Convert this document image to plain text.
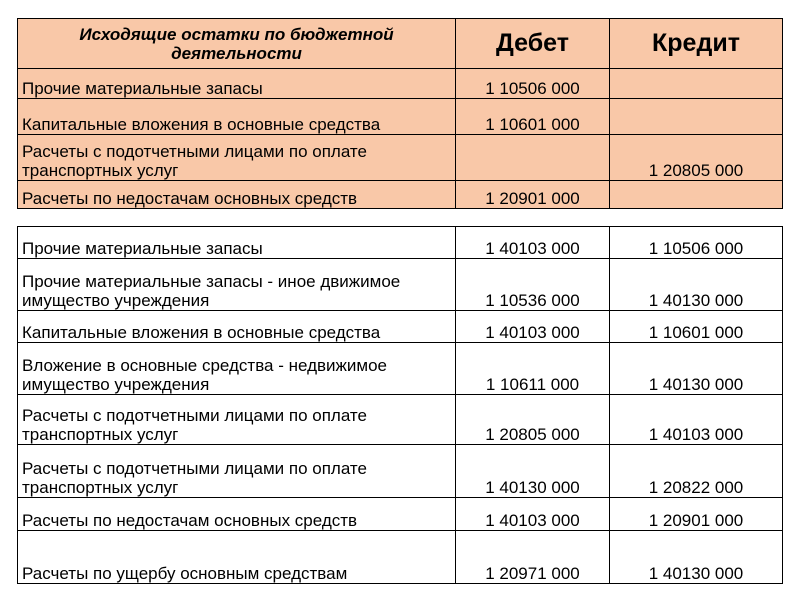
Исходящие остатки по бюджетной деятельности	Дебет	Кредит
Прочие материальные запасы	1 10506 000	
Капитальные вложения в основные средства	1 10601 000	
Расчеты с подотчетными лицами по оплате транспортных услуг		1 20805 000
Расчеты по недостачам основных средств	1 20901 000	
Прочие материальные запасы	1 40103 000	1 10506 000
Прочие материальные запасы - иное движимое имущество учреждения	1 10536 000	1 40130 000
Капитальные вложения в основные средства	1 40103 000	1 10601 000
Вложение в основные средства - недвижимое имущество учреждения	1 10611 000	1 40130 000
Расчеты с подотчетными лицами по оплате транспортных услуг	1 20805 000	1 40103 000
Расчеты с подотчетными лицами по оплате транспортных услуг	1 40130 000	1 20822 000
Расчеты по недостачам основных средств	1 40103 000	1 20901 000
Расчеты по ущербу основным средствам	1 20971 000	1 40130 000
